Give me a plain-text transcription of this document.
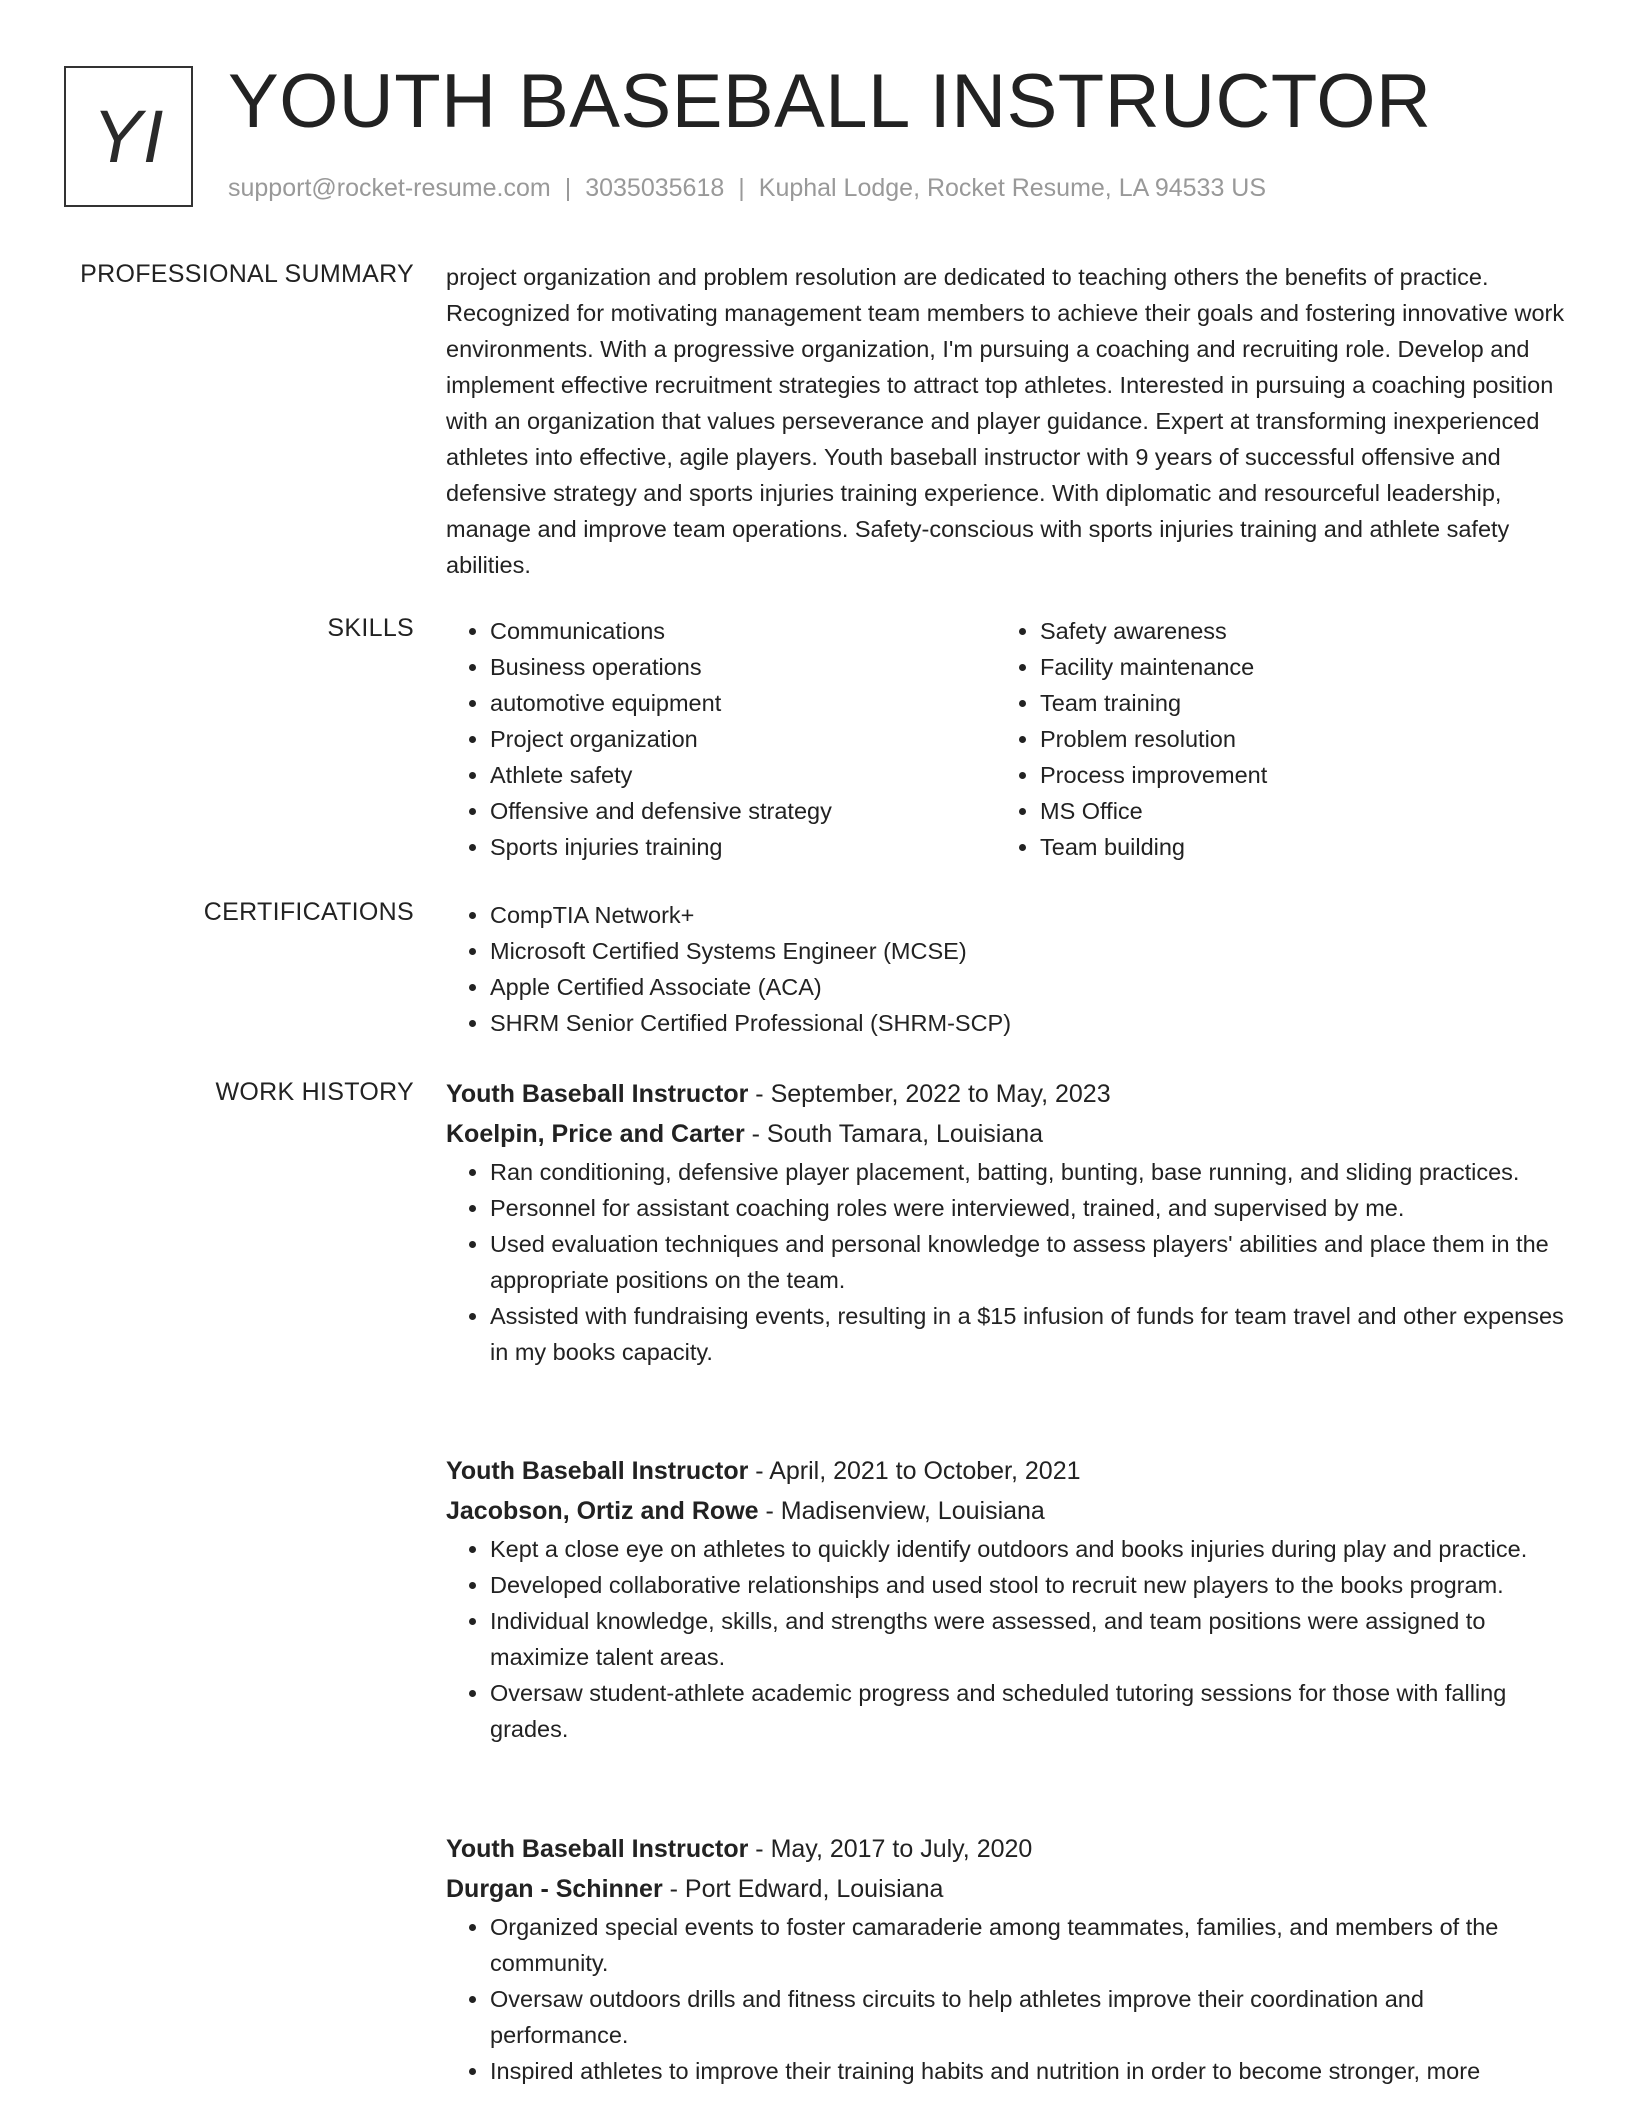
YI YOUTH BASEBALL INSTRUCTOR
support@rocket-resume.com | 3035035618 | Kuphal Lodge, Rocket Resume, LA 94533 US
PROFESSIONAL SUMMARY project organization and problem resolution are dedicated to teaching others the benefits of practice. Recognized for motivating management team members to achieve their goals and fostering innovative work environments. With a progressive organization, I'm pursuing a coaching and recruiting role. Develop and implement effective recruitment strategies to attract top athletes. Interested in pursuing a coaching position with an organization that values perseverance and player guidance. Expert at transforming inexperienced athletes into effective, agile players. Youth baseball instructor with 9 years of successful offensive and defensive strategy and sports injuries training experience. With diplomatic and resourceful leadership, manage and improve team operations. Safety-conscious with sports injuries training and athlete safety abilities.

SKILLS	• Communications
• Business operations
• automotive equipment
• Project organization
• Athlete safety
• Offensive and defensive strategy
• Sports injuries training
• Safety awareness
• Facility maintenance
• Team training
• Problem resolution
• Process improvement
• MS Office
• Team building
CERTIFICATIONS	• CompTIA Network+
• Microsoft Certified Systems Engineer (MCSE)
• Apple Certified Associate (ACA)
• SHRM Senior Certified Professional (SHRM-SCP)
WORK HISTORY Youth Baseball Instructor - September, 2022 to May, 2023
Koelpin, Price and Carter - South Tamara, Louisiana
• Ran conditioning, defensive player placement, batting, bunting, base running, and sliding practices.
• Personnel for assistant coaching roles were interviewed, trained, and supervised by me.
• Used evaluation techniques and personal knowledge to assess players' abilities and place them in the appropriate positions on the team.
• Assisted with fundraising events, resulting in a $15 infusion of funds for team travel and other expenses in my books capacity.
Youth Baseball Instructor - April, 2021 to October, 2021
Jacobson, Ortiz and Rowe - Madisenview, Louisiana
• Kept a close eye on athletes to quickly identify outdoors and books injuries during play and practice.
• Developed collaborative relationships and used stool to recruit new players to the books program.
• Individual knowledge, skills, and strengths were assessed, and team positions were assigned to maximize talent areas.
• Oversaw student-athlete academic progress and scheduled tutoring sessions for those with falling grades.
Youth Baseball Instructor - May, 2017 to July, 2020
Durgan - Schinner - Port Edward, Louisiana
• Organized special events to foster camaraderie among teammates, families, and members of the community.
• Oversaw outdoors drills and fitness circuits to help athletes improve their coordination and performance.
• Inspired athletes to improve their training habits and nutrition in order to become stronger, more
